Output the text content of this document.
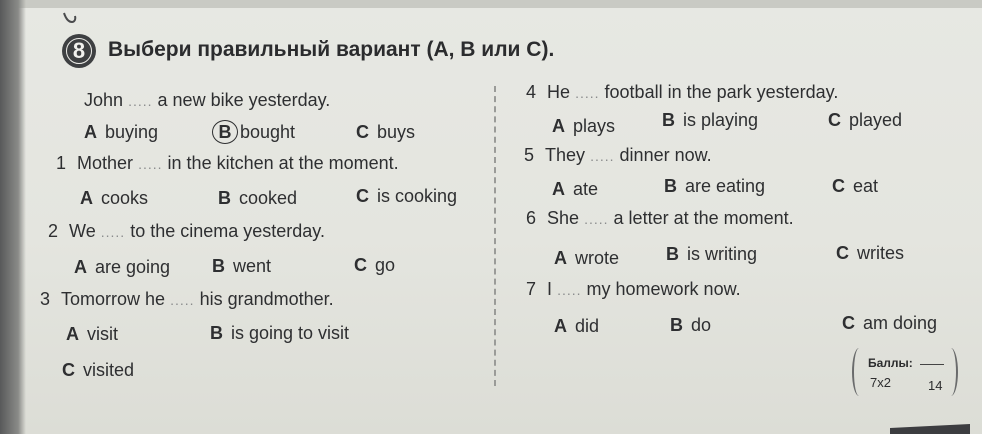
8 Выбери правильный вариант (A, B или C).
John ..... a new bike yesterday.
A buying	B bought	C buys
1 Mother ..... in the kitchen at the moment.
A cooks	B cooked	C is cooking
2 We ..... to the cinema yesterday.
A are going B went	C go
3 Tomorrow he ..... his grandmother.
A visit	B is going to visit
C visited
4 He ..... football in the park yesterday.
A plays	B is playing	C played
5 They ..... dinner now.
A ate	B are eating	C eat
6 She ..... a letter at the moment.
A wrote	B is writing	C writes
7 I ..... my homework now.
A did	B do	C am doing
Баллы:
7x2	14
